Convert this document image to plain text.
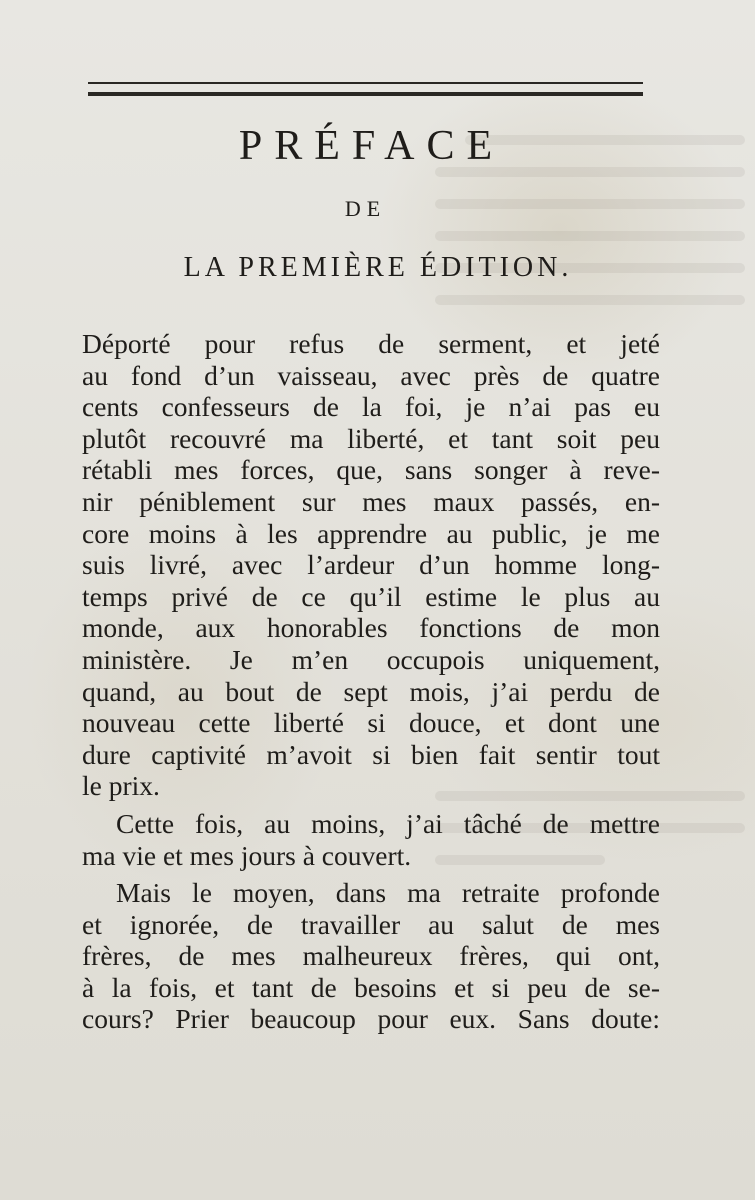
PRÉFACE
DE
LA PREMIÈRE ÉDITION.
Déporté pour refus de serment, et jeté
au fond d’un vaisseau, avec près de quatre
cents confesseurs de la foi, je n’ai pas eu
plutôt recouvré ma liberté, et tant soit peu
rétabli mes forces, que, sans songer à reve-
nir péniblement sur mes maux passés, en-
core moins à les apprendre au public, je me
suis livré, avec l’ardeur d’un homme long-
temps privé de ce qu’il estime le plus au
monde, aux honorables fonctions de mon
ministère. Je m’en occupois uniquement,
quand, au bout de sept mois, j’ai perdu de
nouveau cette liberté si douce, et dont une
dure captivité m’avoit si bien fait sentir tout
le prix.
Cette fois, au moins, j’ai tâché de mettre
ma vie et mes jours à couvert.
Mais le moyen, dans ma retraite profonde
et ignorée, de travailler au salut de mes
frères, de mes malheureux frères, qui ont,
à la fois, et tant de besoins et si peu de se-
cours? Prier beaucoup pour eux. Sans doute:
